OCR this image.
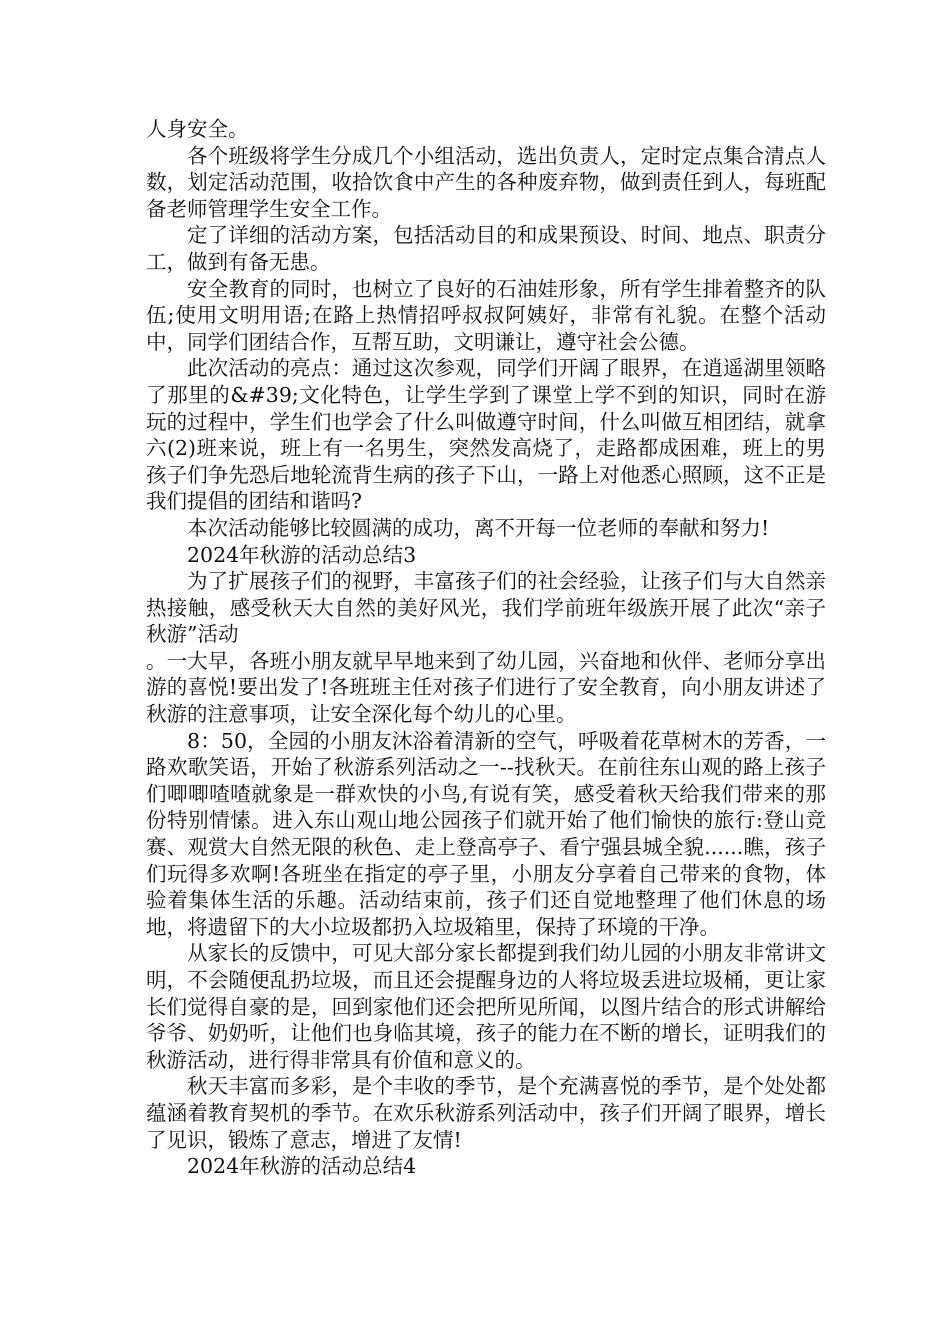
人身安全。

各个班级将学生分成几个小组活动，选出负责人，定时定点集合清点人数，划定活动范围，收拾饮食中产生的各种废弃物，做到责任到人，每班配备老师管理学生安全工作。

定了详细的活动方案，包括活动目的和成果预设、时间、地点、职责分工，做到有备无患。

安全教育的同时，也树立了良好的石油娃形象，所有学生排着整齐的队伍;使用文明用语;在路上热情招呼叔叔阿姨好，非常有礼貌。在整个活动中，同学们团结合作，互帮互助，文明谦让，遵守社会公德。

此次活动的亮点：通过这次参观，同学们开阔了眼界，在逍遥湖里领略了那里的&#39;文化特色，让学生学到了课堂上学不到的知识，同时在游玩的过程中，学生们也学会了什么叫做遵守时间，什么叫做互相团结，就拿六(2)班来说，班上有一名男生，突然发高烧了，走路都成困难，班上的男孩子们争先恐后地轮流背生病的孩子下山，一路上对他悉心照顾，这不正是我们提倡的团结和谐吗?

本次活动能够比较圆满的成功，离不开每一位老师的奉献和努力!

2024年秋游的活动总结3

为了扩展孩子们的视野，丰富孩子们的社会经验，让孩子们与大自然亲热接触，感受秋天大自然的美好风光，我们学前班年级族开展了此次“亲子秋游”活动

。一大早，各班小朋友就早早地来到了幼儿园，兴奋地和伙伴、老师分享出游的喜悦!要出发了!各班班主任对孩子们进行了安全教育，向小朋友讲述了秋游的注意事项，让安全深化每个幼儿的心里。

8：50，全园的小朋友沐浴着清新的空气，呼吸着花草树木的芳香，一路欢歌笑语，开始了秋游系列活动之一--找秋天。在前往东山观的路上孩子们唧唧喳喳就象是一群欢快的小鸟,有说有笑，感受着秋天给我们带来的那份特别情愫。进入东山观山地公园孩子们就开始了他们愉快的旅行:登山竞赛、观赏大自然无限的秋色、走上登高亭子、看宁强县城全貌......瞧，孩子们玩得多欢啊!各班坐在指定的亭子里，小朋友分享着自己带来的食物，体验着集体生活的乐趣。活动结束前，孩子们还自觉地整理了他们休息的场地，将遗留下的大小垃圾都扔入垃圾箱里，保持了环境的干净。

从家长的反馈中，可见大部分家长都提到我们幼儿园的小朋友非常讲文明，不会随便乱扔垃圾，而且还会提醒身边的人将垃圾丢进垃圾桶，更让家长们觉得自豪的是，回到家他们还会把所见所闻，以图片结合的形式讲解给爷爷、奶奶听，让他们也身临其境，孩子的能力在不断的增长，证明我们的秋游活动，进行得非常具有价值和意义的。

秋天丰富而多彩，是个丰收的季节，是个充满喜悦的季节，是个处处都蕴涵着教育契机的季节。在欢乐秋游系列活动中，孩子们开阔了眼界，增长了见识，锻炼了意志，增进了友情!

2024年秋游的活动总结4
